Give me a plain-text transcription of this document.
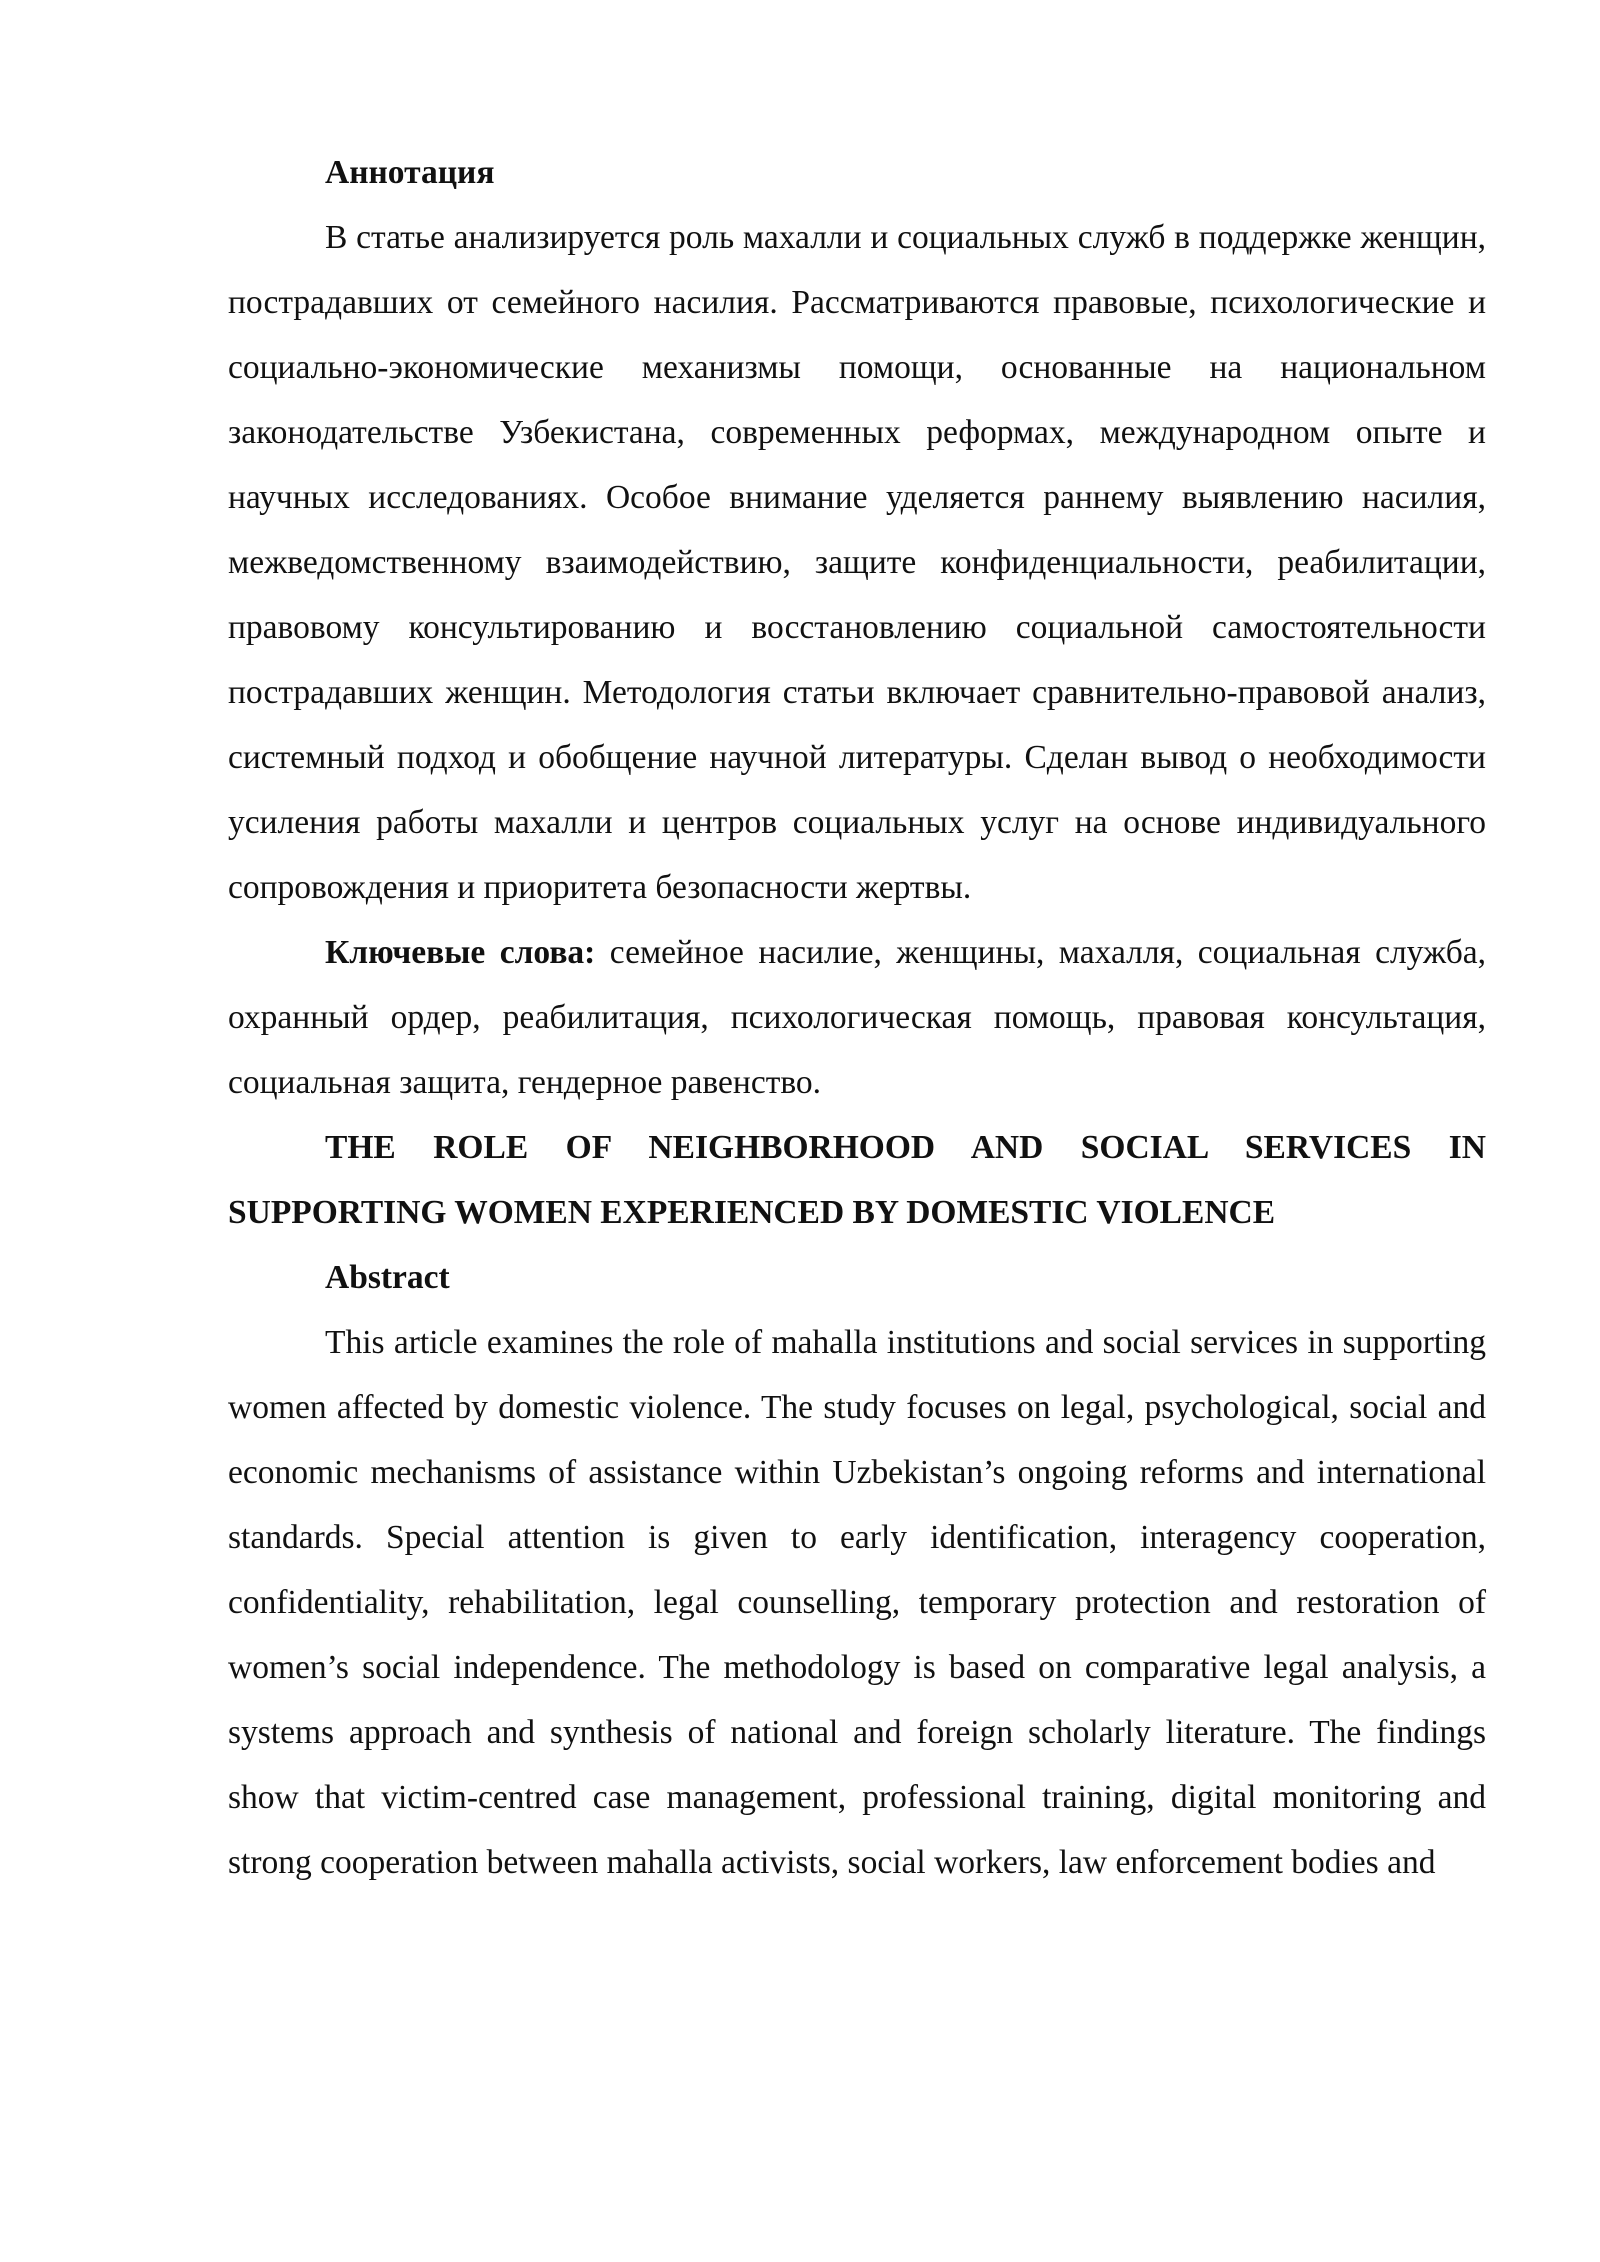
Аннотация

В статье анализируется роль махалли и социальных служб в поддержке женщин, пострадавших от семейного насилия. Рассматриваются правовые, психологические и социально-экономические механизмы помощи, основанные на национальном законодательстве Узбекистана, современных реформах, международном опыте и научных исследованиях. Особое внимание уделяется раннему выявлению насилия, межведомственному взаимодействию, защите конфиденциальности, реабилитации, правовому консультированию и восстановлению социальной самостоятельности пострадавших женщин. Методология статьи включает сравнительно-правовой анализ, системный подход и обобщение научной литературы. Сделан вывод о необходимости усиления работы махалли и центров социальных услуг на основе индивидуального сопровождения и приоритета безопасности жертвы.

Ключевые слова: семейное насилие, женщины, махалля, социальная служба, охранный ордер, реабилитация, психологическая помощь, правовая консультация, социальная защита, гендерное равенство.

THE ROLE OF NEIGHBORHOOD AND SOCIAL SERVICES IN SUPPORTING WOMEN EXPERIENCED BY DOMESTIC VIOLENCE

Abstract

This article examines the role of mahalla institutions and social services in supporting women affected by domestic violence. The study focuses on legal, psychological, social and economic mechanisms of assistance within Uzbekistan’s ongoing reforms and international standards. Special attention is given to early identification, interagency cooperation, confidentiality, rehabilitation, legal counselling, temporary protection and restoration of women’s social independence. The methodology is based on comparative legal analysis, a systems approach and synthesis of national and foreign scholarly literature. The findings show that victim-centred case management, professional training, digital monitoring and strong cooperation between mahalla activists, social workers, law enforcement bodies and
